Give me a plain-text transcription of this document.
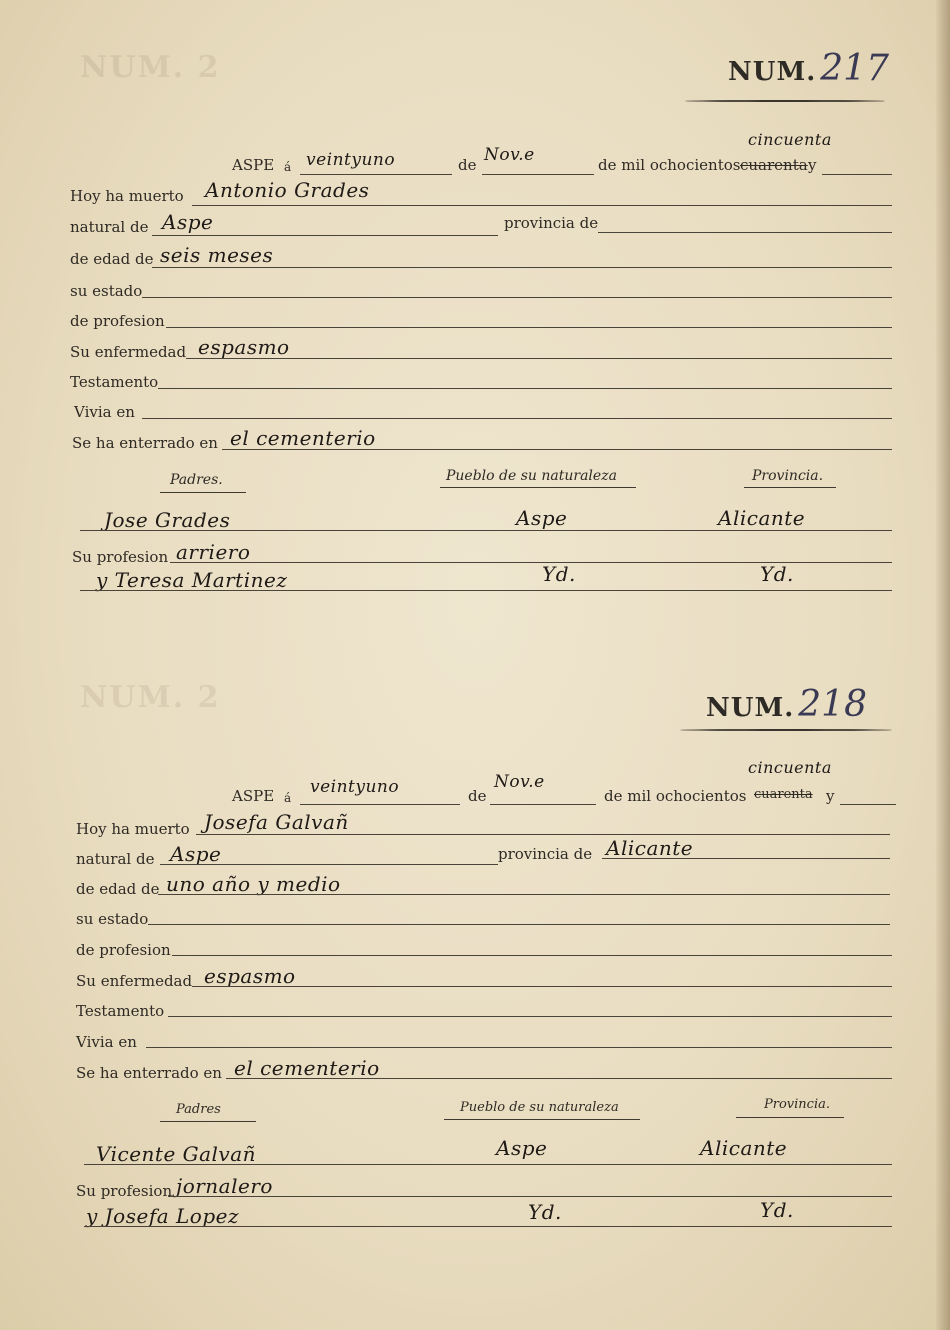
NUM. 2
NUM. 2
NUM. 217
ASPE á veintyuno	de Nov.e	de mil ochocientos cuarenta y
cincuenta
Hoy ha muerto Antonio Grades
natural de Aspe	provincia de
de edad de seis meses
su estado
de profesion
Su enfermedad espasmo
Testamento
Vivia en
Se ha enterrado en el cementerio
Padres.	Pueblo de su naturaleza	Provincia.
Jose Grades	Aspe	Alicante
Su profesion arriero
y Teresa Martinez	Yd.	Yd.
NUM. 218
ASPE á
veintyuno	de
Nov.e
de mil ochocientos cuarenta y
cincuenta
Hoy ha muerto Josefa Galvañ
natural de Aspe	provincia de Alicante
de edad de uno año y medio
su estado
de profesion
Su enfermedad espasmo
Testamento
Vivia en
Se ha enterrado en el cementerio
Padres	Pueblo de su naturaleza	Provincia.
Vicente Galvañ	Aspe	Alicante
Su profesion jornalero
y Josefa Lopez	Yd.	Yd.
